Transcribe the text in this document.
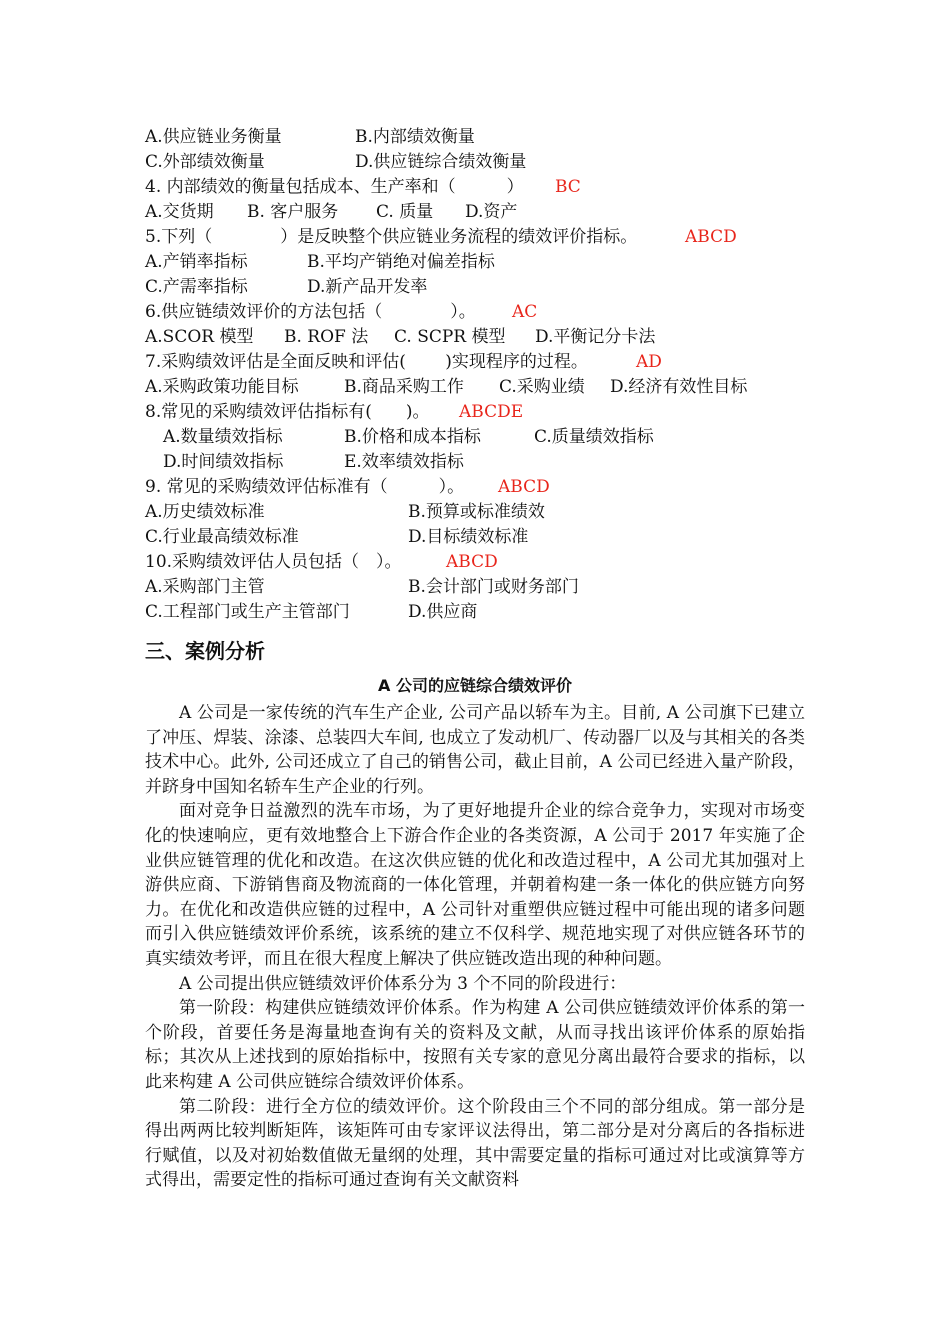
A.供应链业务衡量	B.内部绩效衡量
C.外部绩效衡量	D.供应链综合绩效衡量
4. 内部绩效的衡量包括成本、生产率和（　　　） BC
A.交货期 B. 客户服务 C. 质量 D.资产
5.下列（　　　　）是反映整个供应链业务流程的绩效评价指标。	ABCD
A.产销率指标	B.平均产销绝对偏差指标
C.产需率指标	D.新产品开发率
6.供应链绩效评价的方法包括（　　　　）。 AC
A.SCOR 模型 B. ROF 法 C. SCPR 模型 D.平衡记分卡法
7.采购绩效评估是全面反映和评估(　　 )实现程序的过程。	AD
A.采购政策功能目标	B.商品采购工作 C.采购业绩 D.经济有效性目标
8.常见的采购绩效评估指标有(　　)。 ABCDE
A.数量绩效指标	B.价格和成本指标	C.质量绩效指标
D.时间绩效指标	E.效率绩效指标
9. 常见的采购绩效评估标准有（　　　）。 ABCD
A.历史绩效标准	B.预算或标准绩效
C.行业最高绩效标准	D.目标绩效标准
10.采购绩效评估人员包括（　）。	ABCD
A.采购部门主管	B.会计部门或财务部门
C.工程部门或生产主管部门	D.供应商
三、案例分析
A 公司的应链综合绩效评价

A 公司是一家传统的汽车生产企业, 公司产品以轿车为主。目前, A 公司旗下已建立了冲压、焊装、涂漆、总装四大车间, 也成立了发动机厂、传动器厂以及与其相关的各类技术中心。此外, 公司还成立了自己的销售公司，截止目前，A 公司已经进入量产阶段，并跻身中国知名轿车生产企业的行列。

面对竞争日益激烈的洗车市场，为了更好地提升企业的综合竞争力，实现对市场变化的快速响应，更有效地整合上下游合作企业的各类资源，A 公司于 2017 年实施了企业供应链管理的优化和改造。在这次供应链的优化和改造过程中，A 公司尤其加强对上游供应商、下游销售商及物流商的一体化管理，并朝着构建一条一体化的供应链方向努力。在优化和改造供应链的过程中，A 公司针对重塑供应链过程中可能出现的诸多问题而引入供应链绩效评价系统，该系统的建立不仅科学、规范地实现了对供应链各环节的真实绩效考评，而且在很大程度上解决了供应链改造出现的种种问题。

A 公司提出供应链绩效评价体系分为 3 个不同的阶段进行：

第一阶段：构建供应链绩效评价体系。作为构建 A 公司供应链绩效评价体系的第一个阶段，首要任务是海量地查询有关的资料及文献，从而寻找出该评价体系的原始指标；其次从上述找到的原始指标中，按照有关专家的意见分离出最符合要求的指标，以此来构建 A 公司供应链综合绩效评价体系。

第二阶段：进行全方位的绩效评价。这个阶段由三个不同的部分组成。第一部分是得出两两比较判断矩阵，该矩阵可由专家评议法得出，第二部分是对分离后的各指标进行赋值，以及对初始数值做无量纲的处理，其中需要定量的指标可通过对比或演算等方式得出，需要定性的指标可通过查询有关文献资料
